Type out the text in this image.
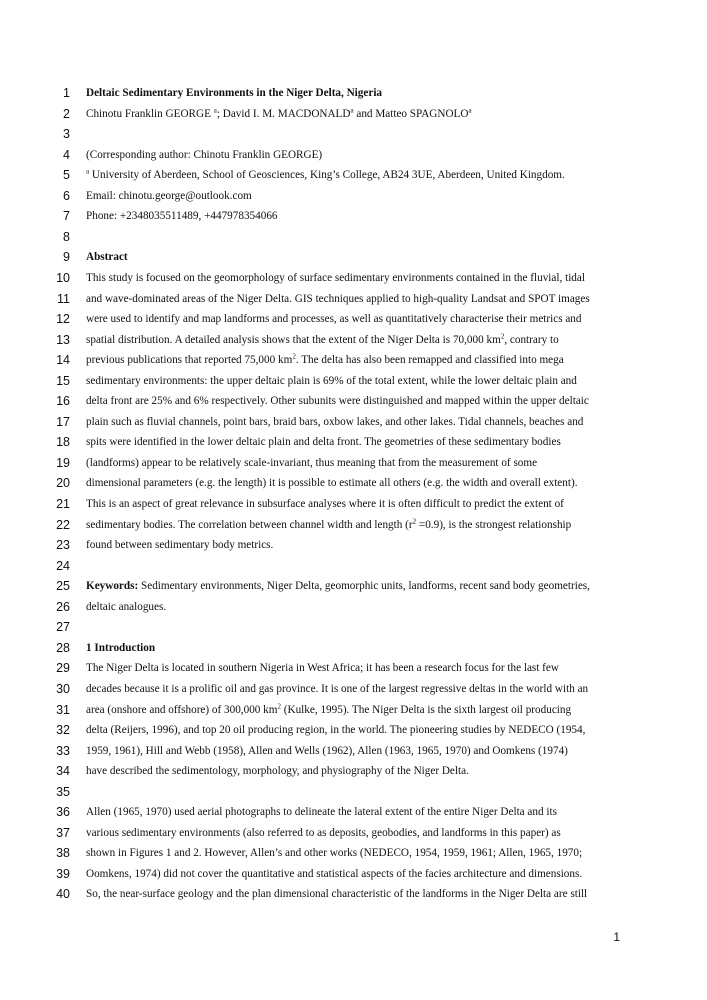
1 Deltaic Sedimentary Environments in the Niger Delta, Nigeria
2 Chinotu Franklin GEORGE $^a$; David I. M. MACDONALD$^a$ and Matteo SPAGNOLO$^a$
3
4 (Corresponding author: Chinotu Franklin GEORGE)
5 $^a$ University of Aberdeen, School of Geosciences, King’s College, AB24 3UE, Aberdeen, United Kingdom.
6 Email: chinotu.george@outlook.com
7 Phone: +2348035511489, +447978354066
8
9 Abstract
10 This study is focused on the geomorphology of surface sedimentary environments contained in the fluvial, tidal
11 and wave-dominated areas of the Niger Delta. GIS techniques applied to high-quality Landsat and SPOT images
12 were used to identify and map landforms and processes, as well as quantitatively characterise their metrics and
13 spatial distribution. A detailed analysis shows that the extent of the Niger Delta is 70,000 $km^2$, contrary to
14 previous publications that reported 75,000 $km^2$. The delta has also been remapped and classified into mega
15 sedimentary environments: the upper deltaic plain is 69% of the total extent, while the lower deltaic plain and
16 delta front are 25% and 6% respectively. Other subunits were distinguished and mapped within the upper deltaic
17 plain such as fluvial channels, point bars, braid bars, oxbow lakes, and other lakes. Tidal channels, beaches and
18 spits were identified in the lower deltaic plain and delta front. The geometries of these sedimentary bodies
19 (landforms) appear to be relatively scale-invariant, thus meaning that from the measurement of some
20 dimensional parameters (e.g. the length) it is possible to estimate all others (e.g. the width and overall extent).
21 This is an aspect of great relevance in subsurface analyses where it is often difficult to predict the extent of
22 sedimentary bodies. The correlation between channel width and length $(r^2 =0.9)$, is the strongest relationship
23 found between sedimentary body metrics.
24
25 Keywords: Sedimentary environments, Niger Delta, geomorphic units, landforms, recent sand body geometries,
26 deltaic analogues.
27
28 1 Introduction
29 The Niger Delta is located in southern Nigeria in West Africa; it has been a research focus for the last few
30 decades because it is a prolific oil and gas province. It is one of the largest regressive deltas in the world with an
31 area (onshore and offshore) of 300,000 $km^2$ (Kulke, 1995). The Niger Delta is the sixth largest oil producing
32 delta (Reijers, 1996), and top 20 oil producing region, in the world. The pioneering studies by NEDECO (1954,
33 1959, 1961), Hill and Webb (1958), Allen and Wells (1962), Allen (1963, 1965, 1970) and Oomkens (1974)
34 have described the sedimentology, morphology, and physiography of the Niger Delta.
35
36 Allen (1965, 1970) used aerial photographs to delineate the lateral extent of the entire Niger Delta and its
37 various sedimentary environments (also referred to as deposits, geobodies, and landforms in this paper) as
38 shown in Figures 1 and 2. However, Allen’s and other works (NEDECO, 1954, 1959, 1961; Allen, 1965, 1970;
39 Oomkens, 1974) did not cover the quantitative and statistical aspects of the facies architecture and dimensions.
40 So, the near-surface geology and the plan dimensional characteristic of the landforms in the Niger Delta are still
1
